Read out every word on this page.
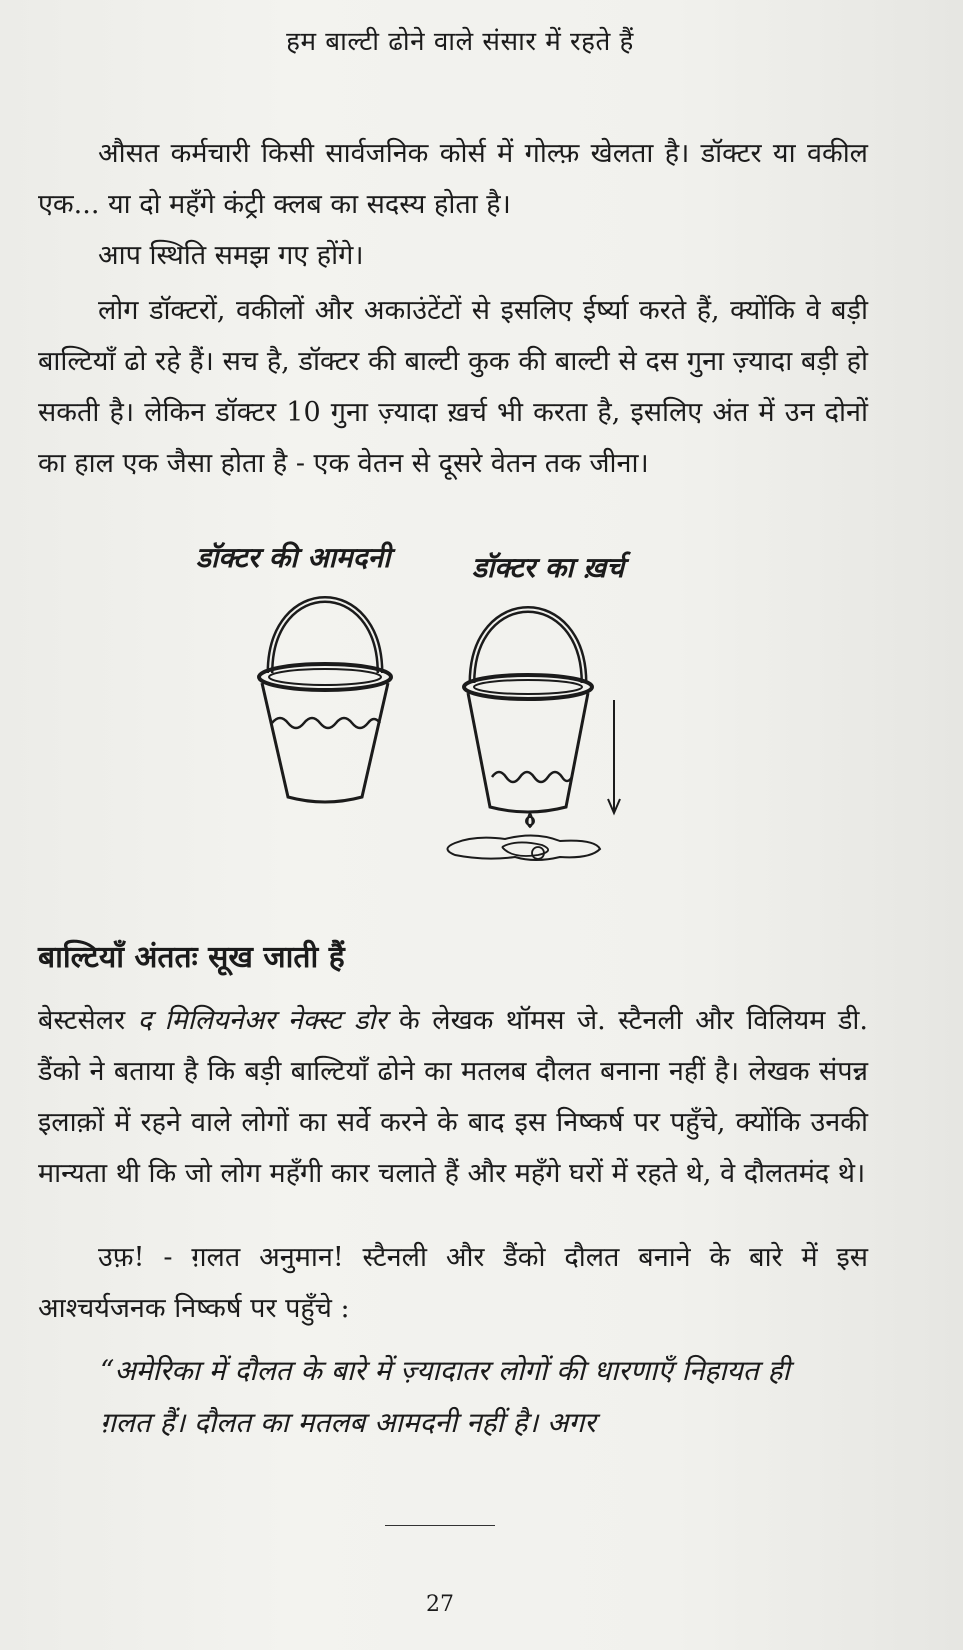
हम बाल्टी ढोने वाले संसार में रहते हैं

औसत कर्मचारी किसी सार्वजनिक कोर्स में गोल्फ़ खेलता है। डॉक्टर या वकील एक... या दो महँगे कंट्री क्लब का सदस्य होता है।

आप स्थिति समझ गए होंगे।

लोग डॉक्टरों, वकीलों और अकाउंटेंटों से इसलिए ईर्ष्या करते हैं, क्योंकि वे बड़ी बाल्टियाँ ढो रहे हैं। सच है, डॉक्टर की बाल्टी कुक की बाल्टी से दस गुना ज़्यादा बड़ी हो सकती है। लेकिन डॉक्टर 10 गुना ज़्यादा ख़र्च भी करता है, इसलिए अंत में उन दोनों का हाल एक जैसा होता है - एक वेतन से दूसरे वेतन तक जीना।

डॉक्टर की आमदनी	डॉक्टर का ख़र्च
बाल्टियाँ अंततः सूख जाती हैं

बेस्टसेलर द मिलियनेअर नेक्स्ट डोर के लेखक थॉमस जे. स्टैनली और विलियम डी. डैंको ने बताया है कि बड़ी बाल्टियाँ ढोने का मतलब दौलत बनाना नहीं है। लेखक संपन्न इलाक़ों में रहने वाले लोगों का सर्वे करने के बाद इस निष्कर्ष पर पहुँचे, क्योंकि उनकी मान्यता थी कि जो लोग महँगी कार चलाते हैं और महँगे घरों में रहते थे, वे दौलतमंद थे।

उफ़! - ग़लत अनुमान! स्टैनली और डैंको दौलत बनाने के बारे में इस आश्चर्यजनक निष्कर्ष पर पहुँचे :

“अमेरिका में दौलत के बारे में ज़्यादातर लोगों की धारणाएँ निहायत ही ग़लत हैं। दौलत का मतलब आमदनी नहीं है। अगर

27
